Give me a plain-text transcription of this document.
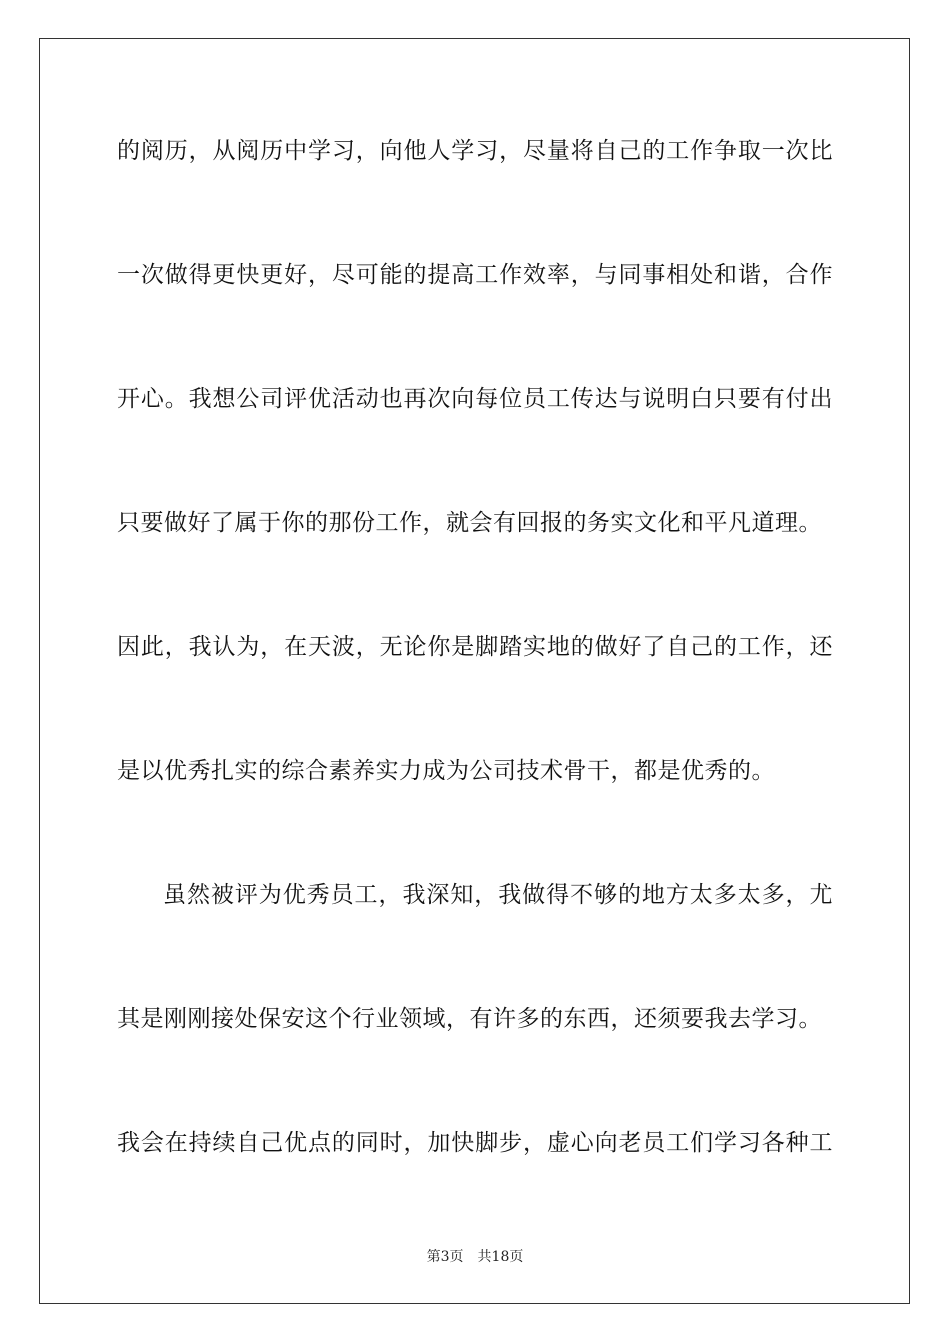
的阅历，从阅历中学习，向他人学习，尽量将自己的工作争取一次比
一次做得更快更好，尽可能的提高工作效率，与同事相处和谐，合作
开心。我想公司评优活动也再次向每位员工传达与说明白只要有付出
只要做好了属于你的那份工作，就会有回报的务实文化和平凡道理。
因此，我认为，在天波，无论你是脚踏实地的做好了自己的工作，还
是以优秀扎实的综合素养实力成为公司技术骨干，都是优秀的。
虽然被评为优秀员工，我深知，我做得不够的地方太多太多，尤
其是刚刚接处保安这个行业领域，有许多的东西，还须要我去学习。
我会在持续自己优点的同时，加快脚步，虚心向老员工们学习各种工
第3页 共18页
